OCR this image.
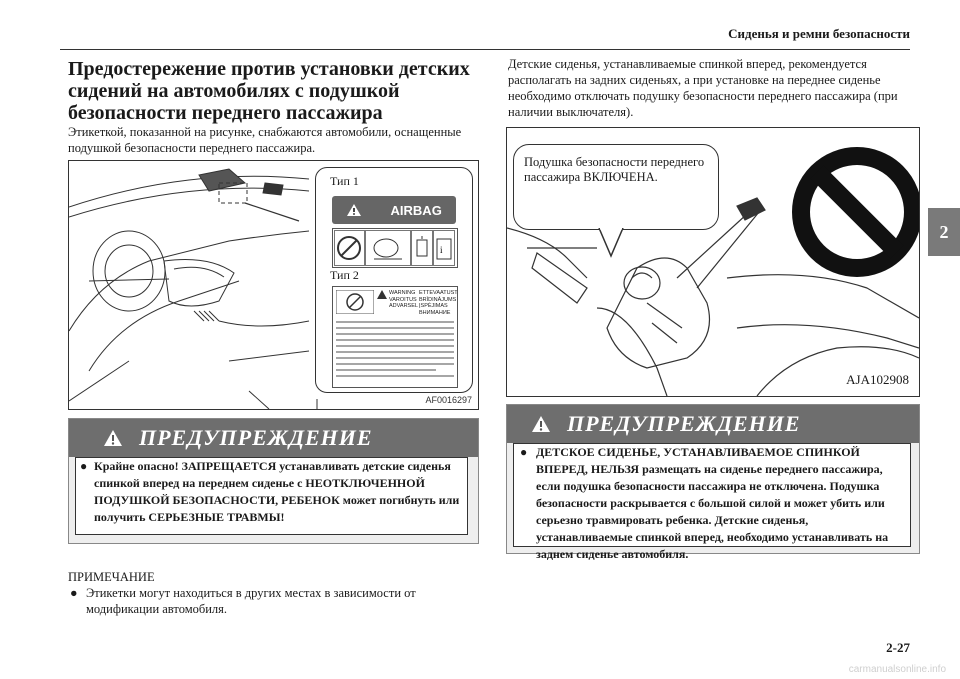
Сиденья и ремни безопасности
2
Предостережение против установки детских сидений на автомобилях с подушкой безопасности переднего пассажира
Этикеткой, показанной на рисунке, снабжаются автомобили, оснащенные подушкой безопасности переднего пассажира.
Тип 1
AIRBAG
i
Тип 2
WARNING
VAROITUS
ADVARSEL
ETTEVAATUST
BRĪDINĀJUMS
ĮSPĖJIMAS
ВНИМАНИЕ
AF0016297
ПРЕДУПРЕЖДЕНИЕ
● Крайне опасно! ЗАПРЕЩАЕТСЯ устанавливать детские сиденья спинкой вперед на переднем сиденье с НЕОТКЛЮЧЕННОЙ ПОДУШКОЙ БЕЗОПАСНОСТИ, РЕБЕНОК может погибнуть или получить СЕРЬЕЗНЫЕ ТРАВМЫ!
ПРИМЕЧАНИЕ
● Этикетки могут находиться в других местах в зависимости от модификации автомобиля.
Детские сиденья, устанавливаемые спинкой вперед, рекомендуется располагать на задних сиденьях, а при установке на переднее сиденье необходимо отключать подушку безопасности переднего пассажира (при наличии выключателя).
Подушка безопасности переднего пассажира ВКЛЮЧЕНА.
AJA102908
ПРЕДУПРЕЖДЕНИЕ
● ДЕТСКОЕ СИДЕНЬЕ, УСТАНАВЛИВАЕМОЕ СПИНКОЙ ВПЕРЕД, НЕЛЬЗЯ размещать на сиденье переднего пассажира, если подушка безопасности пассажира не отключена. Подушка безопасности раскрывается с большой силой и может убить или серьезно травмировать ребенка. Детские сиденья, устанавливаемые спинкой вперед, необходимо устанавливать на заднем сиденье автомобиля.
2-27
carmanualsonline.info
